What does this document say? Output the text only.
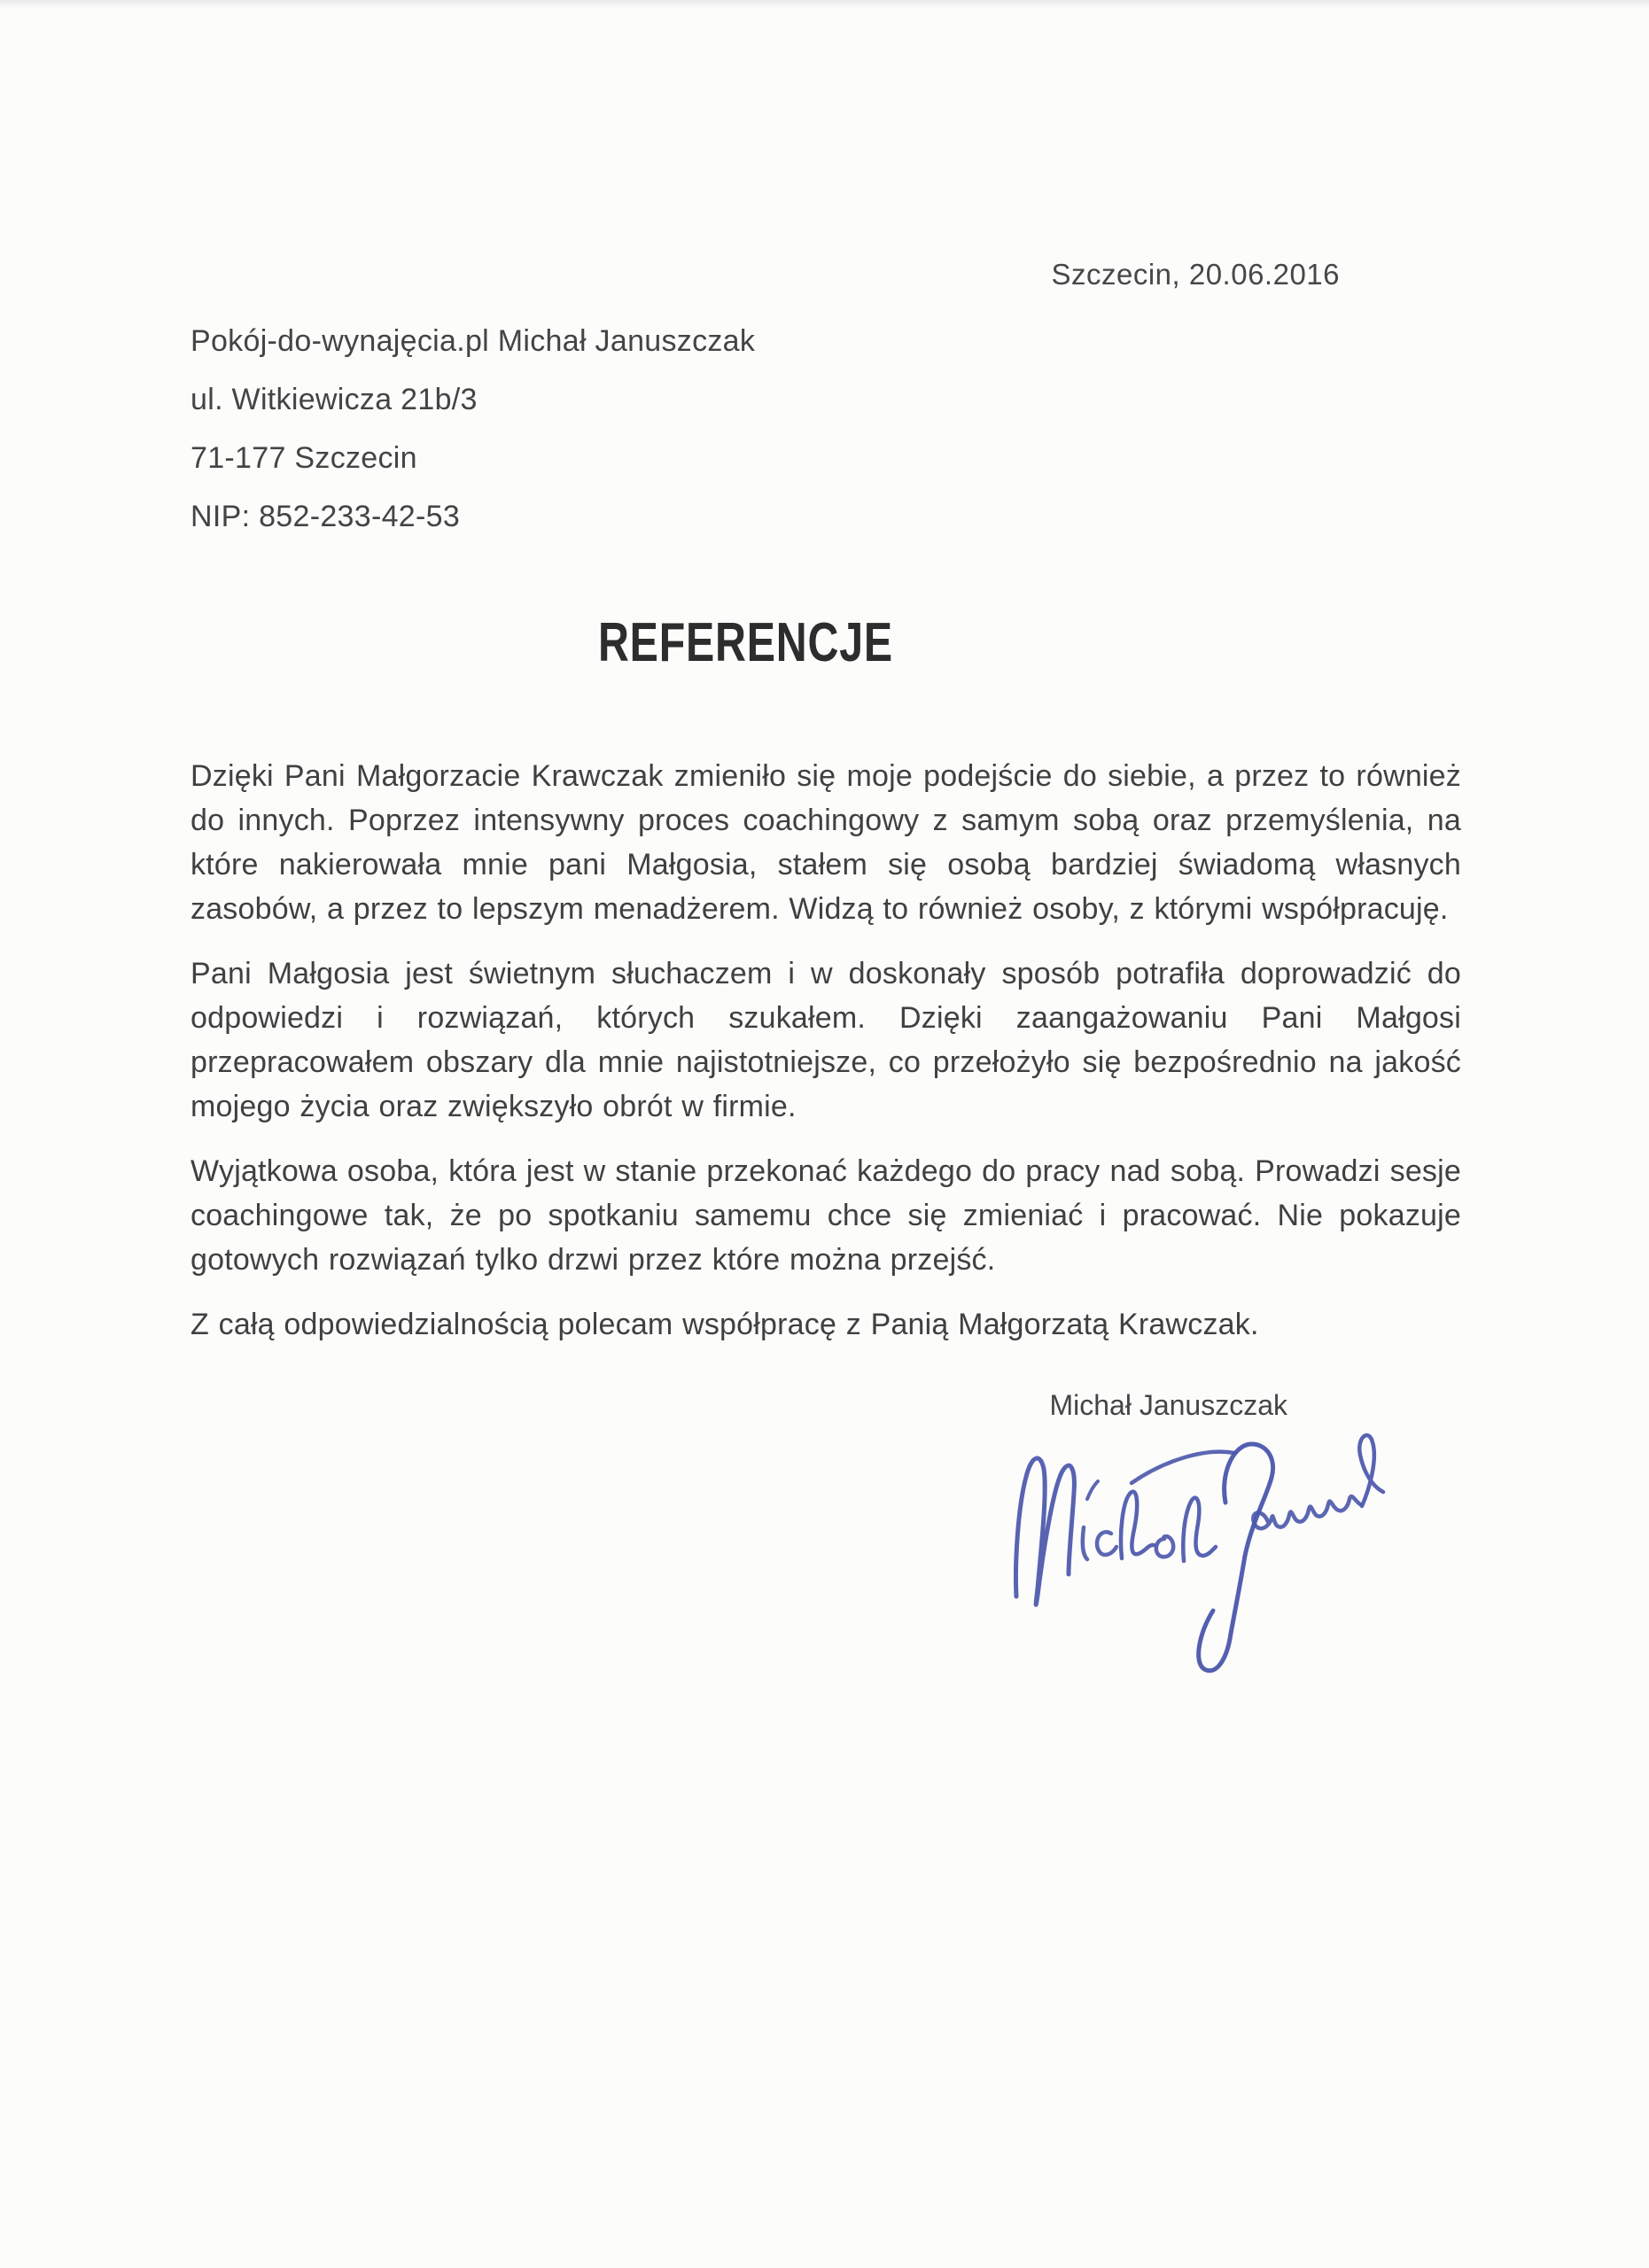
Szczecin, 20.06.2016
Pokój-do-wynajęcia.pl Michał Januszczak
ul. Witkiewicza 21b/3
71-177 Szczecin
NIP: 852-233-42-53
REFERENCJE

Dzięki Pani Małgorzacie Krawczak zmieniło się moje podejście do siebie, a przez to również do innych. Poprzez intensywny proces coachingowy z samym sobą oraz przemyślenia, na które nakierowała mnie pani Małgosia, stałem się osobą bardziej świadomą własnych zasobów, a przez to lepszym menadżerem. Widzą to również osoby, z którymi współpracuję.

Pani Małgosia jest świetnym słuchaczem i w doskonały sposób potrafiła doprowadzić do odpowiedzi i rozwiązań, których szukałem. Dzięki zaangażowaniu Pani Małgosi przepracowałem obszary dla mnie najistotniejsze, co przełożyło się bezpośrednio na jakość mojego życia oraz zwiększyło obrót w firmie.

Wyjątkowa osoba, która jest w stanie przekonać każdego do pracy nad sobą. Prowadzi sesje coachingowe tak, że po spotkaniu samemu chce się zmieniać i pracować. Nie pokazuje gotowych rozwiązań tylko drzwi przez które można przejść.

Z całą odpowiedzialnością polecam współpracę z Panią Małgorzatą Krawczak.

Michał Januszczak
